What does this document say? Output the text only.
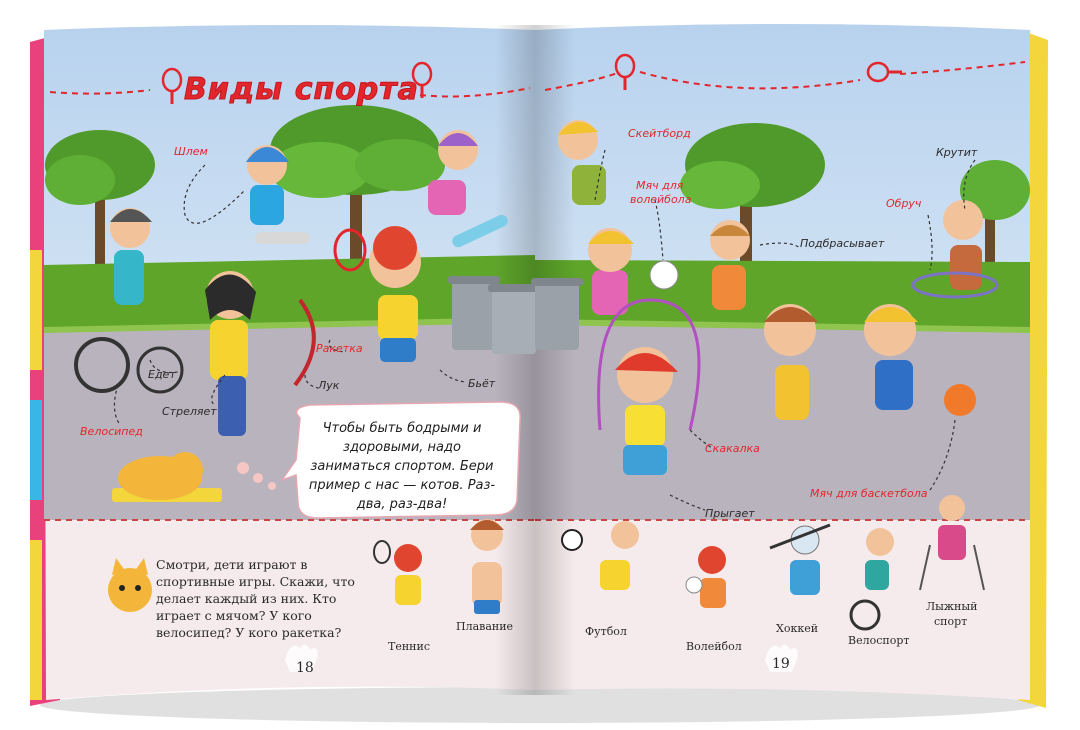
Виды спорта
Шлем
Едет
Велосипед
Стреляет
Ракетка
Лук	Бьёт
Скейтборд
Мяч для
волейбола
Подбрасывает
Крутит
Обруч
Скакалка
Прыгает
Мяч для баскетбола
Чтобы быть бодрыми и здоровыми, надо заниматься спортом. Бери пример с нас — котов. Раз-два, раз-два!
Смотри, дети играют в спортивные игры. Скажи, что делает каждый из них. Кто играет с мячом? У кого велосипед? У кого ракетка?
Теннис
Плавание	Футбол
Волейбол
Хоккей
Велоспорт
Лыжный
спорт
18	19
